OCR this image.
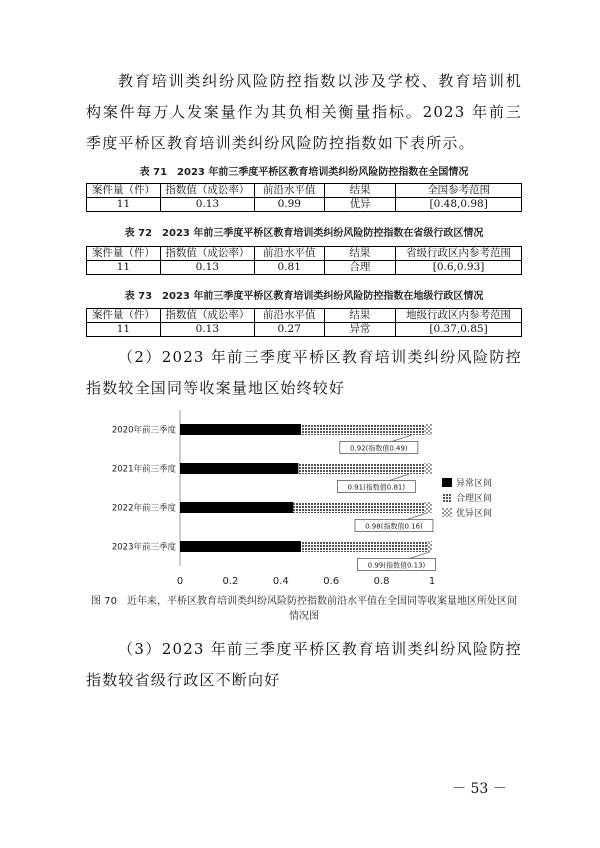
教育培训类纠纷风险防控指数以涉及学校、教育培训机构案件每万人发案量作为其负相关衡量指标。2023 年前三季度平桥区教育培训类纠纷风险防控指数如下表所示。

表 71　2023 年前三季度平桥区教育培训类纠纷风险防控指数在全国情况
案件量（件）	指数值（成讼率）	前沿水平值	结果	全国参考范围
11	0.13	0.99	优异	[0.48,0.98]
表 72　2023 年前三季度平桥区教育培训类纠纷风险防控指数在省级行政区情况
案件量（件）	指数值（成讼率）	前沿水平值	结果	省级行政区内参考范围
11	0.13	0.81	合理	[0.6,0.93]
表 73　2023 年前三季度平桥区教育培训类纠纷风险防控指数在地级行政区情况
案件量（件）	指数值（成讼率）	前沿水平值	结果	地级行政区内参考范围
11	0.13	0.27	异常	[0.37,0.85]

（2）2023 年前三季度平桥区教育培训类纠纷风险防控指数较全国同等收案量地区始终较好

0	0.2	0.4	0.6	0.8	1
2020年前三季度
0.92(指数值0.49)
2021年前三季度
0.91(指数值0.81)
2022年前三季度
0.98(指数值0.16)
2023年前三季度
0.99(指数值0.13)
异常区间
合理区间
优异区间
图 70　近年来，平桥区教育培训类纠纷风险防控指数前沿水平值在全国同等收案量地区所处区间情况图

（3）2023 年前三季度平桥区教育培训类纠纷风险防控指数较省级行政区不断向好

－ 53 －
